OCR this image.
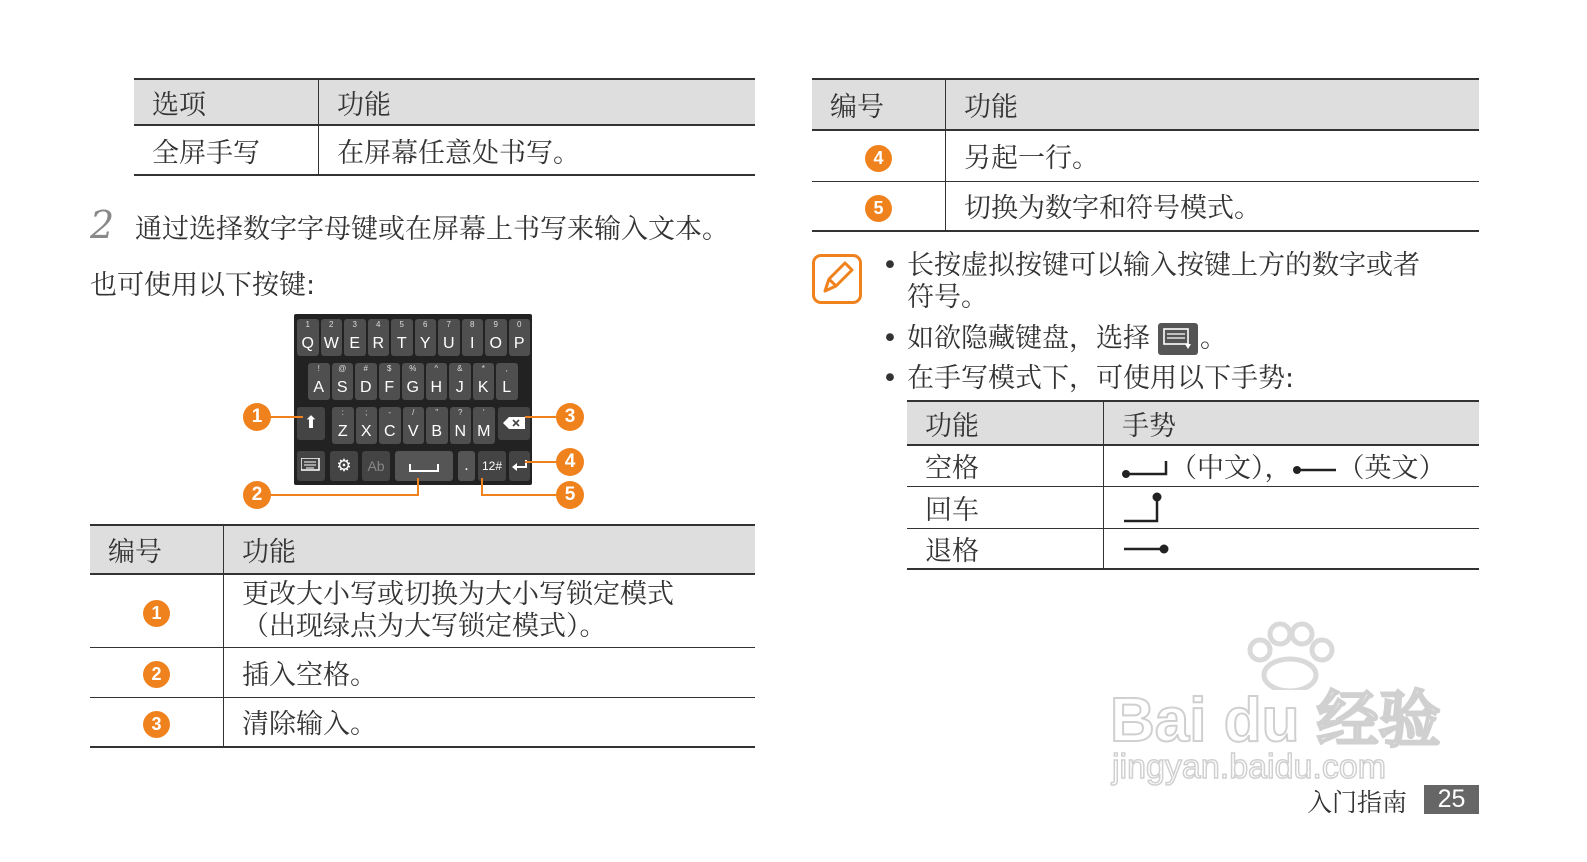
选项	功能
全屏手写	在屏幕任意处书写。
2 通过选择数字字母键或在屏幕上书写来输入文本。
也可使用以下按键:
1
Q
2
W
3
E
4
R
5
T
6
Y
7
U
8
I
9
O
0
P
!
A
@
S
#
D
$
F
%
G
^
H
&
J
*
K
,
L
:
Z
;
X
-
C
/
V
"
B
?
N
'
M
⚙	Ab	.	12#
⬆
1	3
4
2	5
编号	功能
1	更改大小写或切换为大小写锁定模式
（出现绿点为大写锁定模式）。

2	插入空格。
3	清除输入。
编号	功能
4	另起一行。
5	切换为数字和符号模式。
• 长按虚拟按键可以输入按键上方的数字或者
符号。
• 如欲隐藏键盘，选择 。
• 在手写模式下，可使用以下手势:
功能	手势
空格	（中文）， （英文）
回车	
退格	
Bai du 经验
jingyan.baidu.com
入门指南	25
